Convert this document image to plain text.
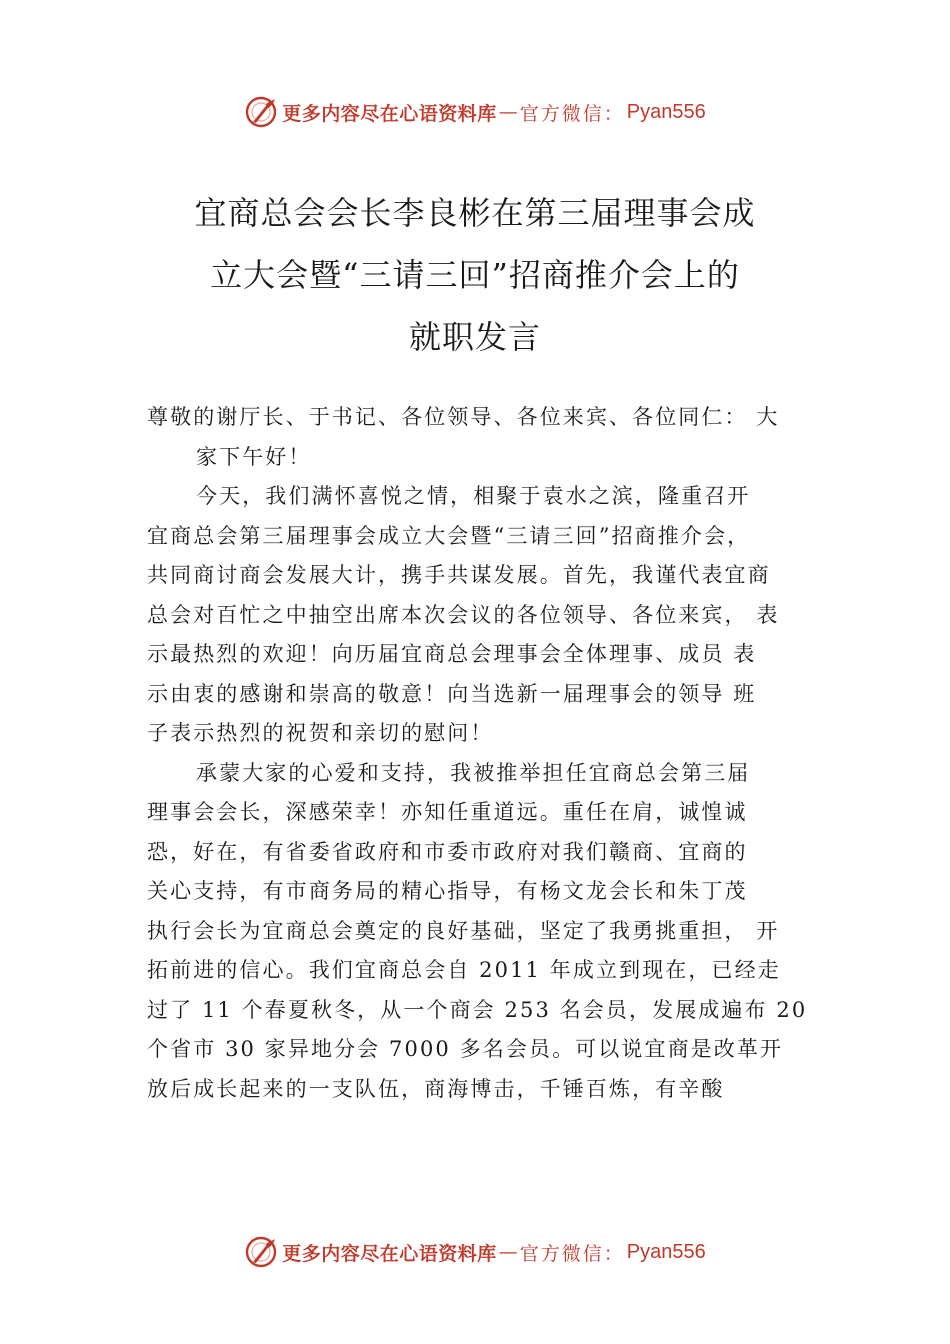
更多内容尽在心语资料库 — 官方微信： Pyan556
宜商总会会长李良彬在第三届理事会成
立大会暨“三请三回”招商推介会上的
就职发言
尊敬的谢厅长、于书记、各位领导、各位来宾、各位同仁： 大
家下午好！
今天，我们满怀喜悦之情，相聚于袁水之滨，隆重召开
宜商总会第三届理事会成立大会暨“三请三回”招商推介会，
共同商讨商会发展大计，携手共谋发展。首先，我谨代表宜商
总会对百忙之中抽空出席本次会议的各位领导、各位来宾， 表
示最热烈的欢迎！向历届宜商总会理事会全体理事、成员 表
示由衷的感谢和崇高的敬意！向当选新一届理事会的领导 班
子表示热烈的祝贺和亲切的慰问！
承蒙大家的心爱和支持，我被推举担任宜商总会第三届
理事会会长，深感荣幸！亦知任重道远。重任在肩，诚惶诚
恐，好在，有省委省政府和市委市政府对我们赣商、宜商的
关心支持，有市商务局的精心指导，有杨文龙会长和朱丁茂
执行会长为宜商总会奠定的良好基础，坚定了我勇挑重担， 开
拓前进的信心。我们宜商总会自 2011 年成立到现在，已经走
过了 11 个春夏秋冬，从一个商会 253 名会员，发展成遍布 20
个省市 30 家异地分会 7000 多名会员。可以说宜商是改革开
放后成长起来的一支队伍，商海博击，千锤百炼，有辛酸
更多内容尽在心语资料库 — 官方微信： Pyan556
